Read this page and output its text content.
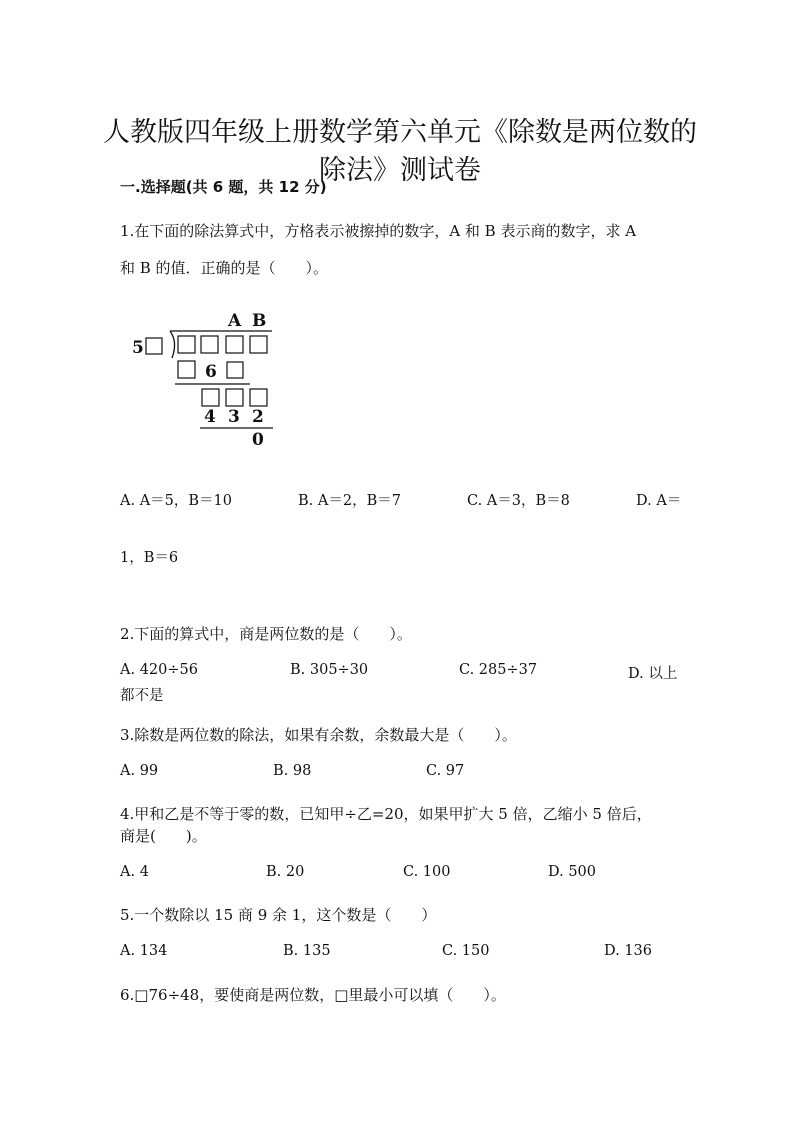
人教版四年级上册数学第六单元《除数是两位数的
除法》测试卷
一.选择题(共 6 题，共 12 分)
1.在下面的除法算式中，方格表示被擦掉的数字，A 和 B 表示商的数字，求 A
和 B 的值．正确的是（　　）。
A B
5
6
4 3 2
0
A. A＝5，B＝10	B. A＝2，B＝7	C. A＝3，B＝8	D. A＝
1，B＝6
2.下面的算式中，商是两位数的是（　　）。
A. 420÷56	B. 305÷30	C. 285÷37	D. 以上
都不是
3.除数是两位数的除法，如果有余数，余数最大是（　　）。
A. 99	B. 98	C. 97
4.甲和乙是不等于零的数，已知甲÷乙=20，如果甲扩大 5 倍，乙缩小 5 倍后，
商是(　　)。
A. 4	B. 20	C. 100	D. 500
5.一个数除以 15 商 9 余 1，这个数是（　　）
A. 134	B. 135	C. 150	D. 136
6.□76÷48，要使商是两位数，□里最小可以填（　　）。
